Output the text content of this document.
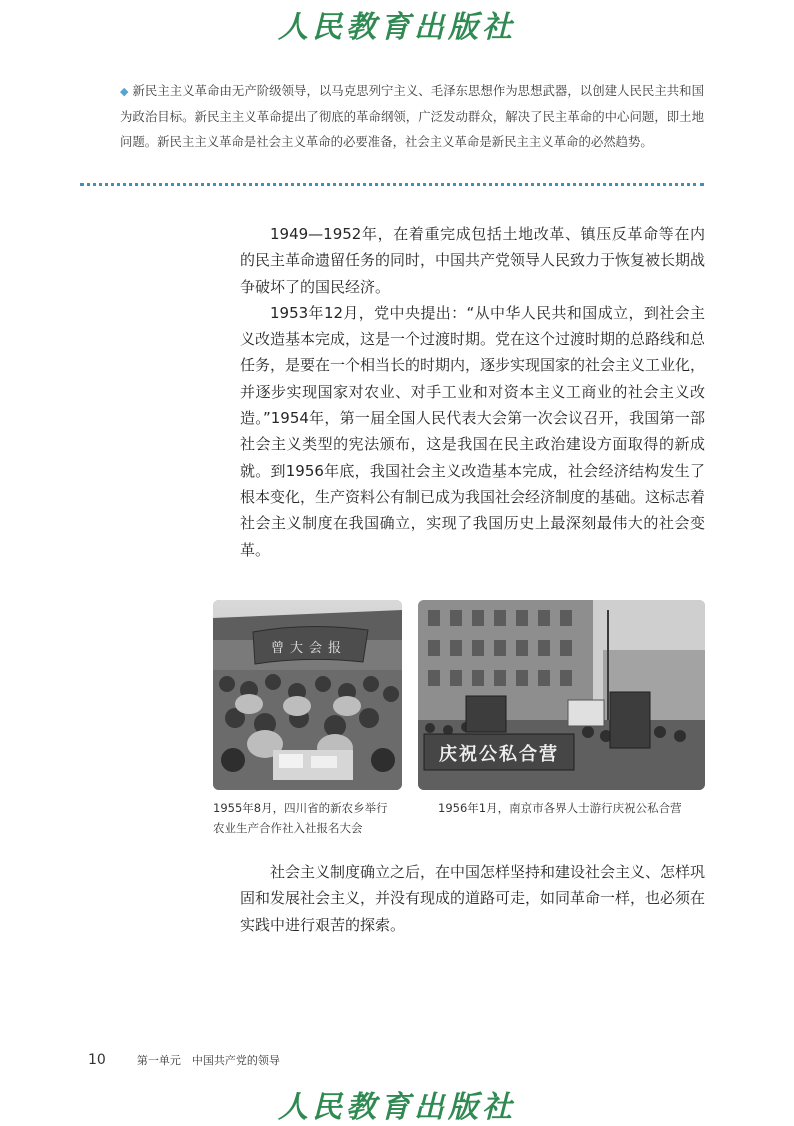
人民教育出版社
◆ 新民主主义革命由无产阶级领导，以马克思列宁主义、毛泽东思想作为思想武器，以创建人民民主共和国为政治目标。新民主主义革命提出了彻底的革命纲领，广泛发动群众，解决了民主革命的中心问题，即土地问题。新民主主义革命是社会主义革命的必要准备，社会主义革命是新民主主义革命的必然趋势。

1949—1952年，在着重完成包括土地改革、镇压反革命等在内的民主革命遗留任务的同时，中国共产党领导人民致力于恢复被长期战争破坏了的国民经济。

1953年12月，党中央提出：“从中华人民共和国成立，到社会主义改造基本完成，这是一个过渡时期。党在这个过渡时期的总路线和总任务，是要在一个相当长的时期内，逐步实现国家的社会主义工业化，并逐步实现国家对农业、对手工业和对资本主义工商业的社会主义改造。”1954年，第一届全国人民代表大会第一次会议召开，我国第一部社会主义类型的宪法颁布，这是我国在民主政治建设方面取得的新成就。到1956年底，我国社会主义改造基本完成，社会经济结构发生了根本变化，生产资料公有制已成为我国社会经济制度的基础。这标志着社会主义制度在我国确立，实现了我国历史上最深刻最伟大的社会变革。

曾大会报
庆祝公私合营
1955年8月，四川省的新农乡举行
农业生产合作社入社报名大会
1956年1月，南京市各界人士游行庆祝公私合营

社会主义制度确立之后，在中国怎样坚持和建设社会主义、怎样巩固和发展社会主义，并没有现成的道路可走，如同革命一样，也必须在实践中进行艰苦的探索。

10	第一单元　中国共产党的领导
人民教育出版社
